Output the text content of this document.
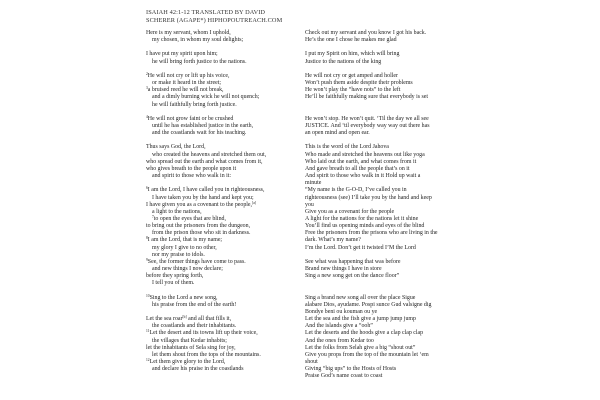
ISAIAH 42:1-12 TRANSLATED BY DAVID
SCHERER (AGAPE*) HIPHOPOUTREACH.COM
Here is my servant, whom I uphold,
my chosen, in whom my soul delights;
I have put my spirit upon him;
he will bring forth justice to the nations.
$^2$He will not cry or lift up his voice,
or make it heard in the street;
$^3$a bruised reed he will not break,
and a dimly burning wick he will not quench;
he will faithfully bring forth justice.
$^4$He will not grow faint or be crushed
until he has established justice in the earth,
and the coastlands wait for his teaching.
Thus says God, the Lord,
who created the heavens and stretched them out,
who spread out the earth and what comes from it,
who gives breath to the people upon it
and spirit to those who walk in it:
$^6$I am the Lord, I have called you in righteousness,
I have taken you by the hand and kept you;
I have given you as a covenant to the people,[a]
a light to the nations,
$^7$to open the eyes that are blind,
to bring out the prisoners from the dungeon,
from the prison those who sit in darkness.
$^8$I am the Lord, that is my name;
my glory I give to no other,
nor my praise to idols.
$^9$See, the former things have come to pass.
and new things I now declare;
before they spring forth,
I tell you of them.
$^{10}$Sing to the Lord a new song,
his praise from the end of the earth!
Let the sea roar[b] and all that fills it,
the coastlands and their inhabitants.
$^{11}$Let the desert and its towns lift up their voice,
the villages that Kedar inhabits;
let the inhabitants of Sela sing for joy,
let them shout from the tops of the mountains.
$^{12}$Let them give glory to the Lord,
and declare his praise in the coastlands
Check out my servant and you know I got his back.
He’s the one I chose he makes me glad
I put my Spirit on him, which will bring
Justice to the nations of the king
He will not cry or get amped and holler
Won’t push them aside despite their problems
He won’t play the “have nots” to the left
He’ll be faithfully making sure that everybody is set
He won’t stop. He won’t quit. ‘Til the day we all see
JUSTICE. And ‘til everybody way way out there has
an open mind and open ear.
This is the word of the Lord Jahova
Who made and stretched the heavens out like yoga
Who laid out the earth, and what comes from it
And gave breath to all the people that’s on it
And spirit to those who walk in it Hold up wait a
minute
“My name is the G-O-D, I’ve called you in
righteousness (see) I’ll take you by the hand and keep
you
Give you as a covenant for the people
A light for the nations for the nations let it shine
You’ll find us opening minds and eyes of the blind
Free the prisoners from the prisons who are living in the
dark. What’s my name?
I’m the Lord. Don’t get it twisted I’M the Lord
See what was happening that was before
Brand new things I have in store
Sing a new song get on the dance floor”
Sing a brand new song all over the place Sigue
alabare Dios, ayudame. Pospi sunce Gud valsigne dig
Bondye beni ou kouman ou ye
Let the sea and the fish give a jump jump jump
And the islands give a “ooh”
Let the deserts and the hoods give a clap clap clap
And the ones from Kedar too
Let the folks from Selah give a big “shout out”
Give you props from the top of the mountain let ‘em
shout
Giving “big ups” to the Hosts of Hosts
Praise God’s name coast to coast
